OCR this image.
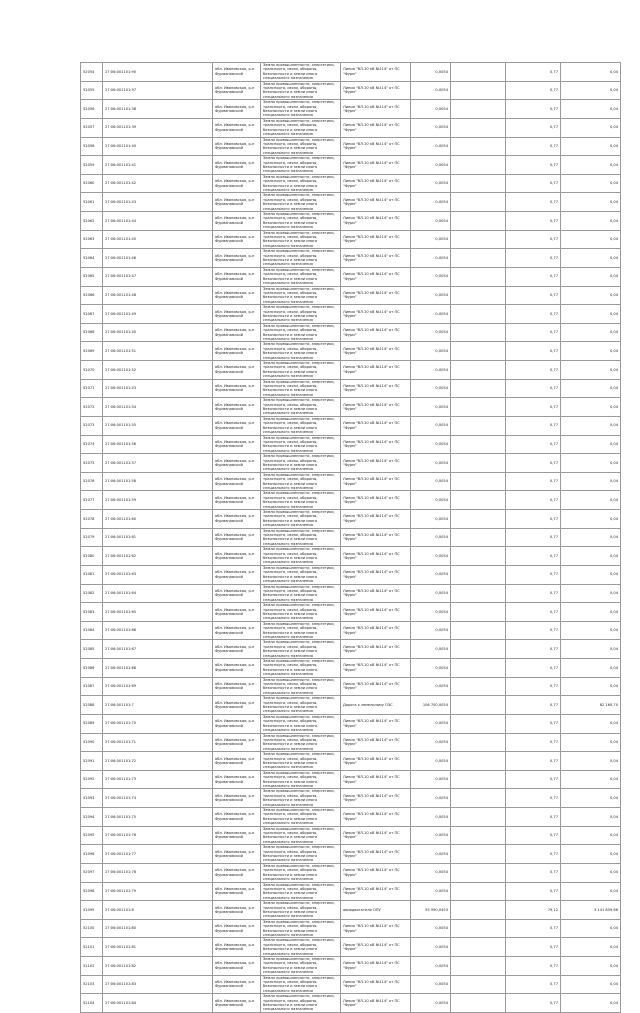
52054	27:06:001101:90	обл. Ивановская, р-н Фурмановский	Земли промышленности, энергетики, транспорта, связи, обороны, безопасности и земли иного специального назначения	Линия "ВЛ-10 кВ №114" от ПС "Фурм"	0,0054		0,77	0,04
52055	27:06:001101:97	обл. Ивановская, р-н Фурмановский	Земли промышленности, энергетики, транспорта, связи, обороны, безопасности и земли иного специального назначения	Линия "ВЛ-10 кВ №114" от ПС "Фурм"	0,0054		0,77	0,04
52056	27:06:001101:38	обл. Ивановская, р-н Фурмановский	Земли промышленности, энергетики, транспорта, связи, обороны, безопасности и земли иного специального назначения	Линия "ВЛ-10 кВ №114" от ПС "Фурм"	0,0054		0,77	0,04
52057	27:06:001101:39	обл. Ивановская, р-н Фурмановский	Земли промышленности, энергетики, транспорта, связи, обороны, безопасности и земли иного специального назначения	Линия "ВЛ-10 кВ №114" от ПС "Фурм"	0,0054		0,77	0,04
52058	27:06:001101:40	обл. Ивановская, р-н Фурмановский	Земли промышленности, энергетики, транспорта, связи, обороны, безопасности и земли иного специального назначения	Линия "ВЛ-10 кВ №114" от ПС "Фурм"	0,0054		0,77	0,04
52059	27:06:001101:41	обл. Ивановская, р-н Фурмановский	Земли промышленности, энергетики, транспорта, связи, обороны, безопасности и земли иного специального назначения	Линия "ВЛ-10 кВ №114" от ПС "Фурм"	0,0054		0,77	0,04
52060	27:06:001101:42	обл. Ивановская, р-н Фурмановский	Земли промышленности, энергетики, транспорта, связи, обороны, безопасности и земли иного специального назначения	Линия "ВЛ-10 кВ №114" от ПС "Фурм"	0,0054		0,77	0,04
52061	27:06:001101:43	обл. Ивановская, р-н Фурмановский	Земли промышленности, энергетики, транспорта, связи, обороны, безопасности и земли иного специального назначения	Линия "ВЛ-10 кВ №114" от ПС "Фурм"	0,0054		0,77	0,04
52062	27:06:001101:44	обл. Ивановская, р-н Фурмановский	Земли промышленности, энергетики, транспорта, связи, обороны, безопасности и земли иного специального назначения	Линия "ВЛ-10 кВ №114" от ПС "Фурм"	0,0054		0,77	0,04
52063	27:06:001101:45	обл. Ивановская, р-н Фурмановский	Земли промышленности, энергетики, транспорта, связи, обороны, безопасности и земли иного специального назначения	Линия "ВЛ-10 кВ №114" от ПС "Фурм"	0,0054		0,77	0,04
52064	27:06:001101:46	обл. Ивановская, р-н Фурмановский	Земли промышленности, энергетики, транспорта, связи, обороны, безопасности и земли иного специального назначения	Линия "ВЛ-10 кВ №114" от ПС "Фурм"	0,0054		0,77	0,04
52065	27:06:001101:47	обл. Ивановская, р-н Фурмановский	Земли промышленности, энергетики, транспорта, связи, обороны, безопасности и земли иного специального назначения	Линия "ВЛ-10 кВ №114" от ПС "Фурм"	0,0054		0,77	0,04
52066	27:06:001101:48	обл. Ивановская, р-н Фурмановский	Земли промышленности, энергетики, транспорта, связи, обороны, безопасности и земли иного специального назначения	Линия "ВЛ-10 кВ №114" от ПС "Фурм"	0,0054		0,77	0,04
52067	27:06:001101:49	обл. Ивановская, р-н Фурмановский	Земли промышленности, энергетики, транспорта, связи, обороны, безопасности и земли иного специального назначения	Линия "ВЛ-10 кВ №114" от ПС "Фурм"	0,0054		0,77	0,04
52068	27:06:001101:50	обл. Ивановская, р-н Фурмановский	Земли промышленности, энергетики, транспорта, связи, обороны, безопасности и земли иного специального назначения	Линия "ВЛ-10 кВ №114" от ПС "Фурм"	0,0054		0,77	0,04
52069	27:06:001101:51	обл. Ивановская, р-н Фурмановский	Земли промышленности, энергетики, транспорта, связи, обороны, безопасности и земли иного специального назначения	Линия "ВЛ-10 кВ №114" от ПС "Фурм"	0,0054		0,77	0,04
52070	27:06:001101:52	обл. Ивановская, р-н Фурмановский	Земли промышленности, энергетики, транспорта, связи, обороны, безопасности и земли иного специального назначения	Линия "ВЛ-10 кВ №114" от ПС "Фурм"	0,0054		0,77	0,04
52071	27:06:001101:53	обл. Ивановская, р-н Фурмановский	Земли промышленности, энергетики, транспорта, связи, обороны, безопасности и земли иного специального назначения	Линия "ВЛ-10 кВ №114" от ПС "Фурм"	0,0054		0,77	0,04
52072	27:06:001101:54	обл. Ивановская, р-н Фурмановский	Земли промышленности, энергетики, транспорта, связи, обороны, безопасности и земли иного специального назначения	Линия "ВЛ-10 кВ №114" от ПС "Фурм"	0,0054		0,77	0,04
52073	27:06:001101:55	обл. Ивановская, р-н Фурмановский	Земли промышленности, энергетики, транспорта, связи, обороны, безопасности и земли иного специального назначения	Линия "ВЛ-10 кВ №114" от ПС "Фурм"	0,0054		0,77	0,04
52074	27:06:001101:56	обл. Ивановская, р-н Фурмановский	Земли промышленности, энергетики, транспорта, связи, обороны, безопасности и земли иного специального назначения	Линия "ВЛ-10 кВ №114" от ПС "Фурм"	0,0054		0,77	0,04
52075	27:06:001101:57	обл. Ивановская, р-н Фурмановский	Земли промышленности, энергетики, транспорта, связи, обороны, безопасности и земли иного специального назначения	Линия "ВЛ-10 кВ №114" от ПС "Фурм"	0,0054		0,77	0,04
52076	27:06:001101:58	обл. Ивановская, р-н Фурмановский	Земли промышленности, энергетики, транспорта, связи, обороны, безопасности и земли иного специального назначения	Линия "ВЛ-10 кВ №114" от ПС "Фурм"	0,0054		0,77	0,04
52077	27:06:001101:59	обл. Ивановская, р-н Фурмановский	Земли промышленности, энергетики, транспорта, связи, обороны, безопасности и земли иного специального назначения	Линия "ВЛ-10 кВ №114" от ПС "Фурм"	0,0054		0,77	0,04
52078	27:06:001101:60	обл. Ивановская, р-н Фурмановский	Земли промышленности, энергетики, транспорта, связи, обороны, безопасности и земли иного специального назначения	Линия "ВЛ-10 кВ №114" от ПС "Фурм"	0,0054		0,77	0,04
52079	27:06:001101:61	обл. Ивановская, р-н Фурмановский	Земли промышленности, энергетики, транспорта, связи, обороны, безопасности и земли иного специального назначения	Линия "ВЛ-10 кВ №114" от ПС "Фурм"	0,0054		0,77	0,04
52080	27:06:001101:62	обл. Ивановская, р-н Фурмановский	Земли промышленности, энергетики, транспорта, связи, обороны, безопасности и земли иного специального назначения	Линия "ВЛ-10 кВ №114" от ПС "Фурм"	0,0054		0,77	0,04
52081	27:06:001101:63	обл. Ивановская, р-н Фурмановский	Земли промышленности, энергетики, транспорта, связи, обороны, безопасности и земли иного специального назначения	Линия "ВЛ-10 кВ №114" от ПС "Фурм"	0,0054		0,77	0,04
52082	27:06:001101:64	обл. Ивановская, р-н Фурмановский	Земли промышленности, энергетики, транспорта, связи, обороны, безопасности и земли иного специального назначения	Линия "ВЛ-10 кВ №114" от ПС "Фурм"	0,0054		0,77	0,04
52083	27:06:001101:65	обл. Ивановская, р-н Фурмановский	Земли промышленности, энергетики, транспорта, связи, обороны, безопасности и земли иного специального назначения	Линия "ВЛ-10 кВ №114" от ПС "Фурм"	0,0054		0,77	0,04
52084	27:06:001101:66	обл. Ивановская, р-н Фурмановский	Земли промышленности, энергетики, транспорта, связи, обороны, безопасности и земли иного специального назначения	Линия "ВЛ-10 кВ №114" от ПС "Фурм"	0,0054		0,77	0,04
52085	27:06:001101:67	обл. Ивановская, р-н Фурмановский	Земли промышленности, энергетики, транспорта, связи, обороны, безопасности и земли иного специального назначения	Линия "ВЛ-10 кВ №114" от ПС "Фурм"	0,0054		0,77	0,04
52086	27:06:001101:68	обл. Ивановская, р-н Фурмановский	Земли промышленности, энергетики, транспорта, связи, обороны, безопасности и земли иного специального назначения	Линия "ВЛ-10 кВ №114" от ПС "Фурм"	0,0054		0,77	0,04
52087	27:06:001101:69	обл. Ивановская, р-н Фурмановский	Земли промышленности, энергетики, транспорта, связи, обороны, безопасности и земли иного специального назначения	Линия "ВЛ-10 кВ №114" от ПС "Фурм"	0,0054		0,77	0,04
52088	27:06:001101:7	обл. Ивановская, р-н Фурмановский	Земли промышленности, энергетики, транспорта, связи, обороны, безопасности и земли иного специального назначения	Дорога к земельному ОЗС	106 700,0054		0,77	82 160,70
52089	27:06:001101:70	обл. Ивановская, р-н Фурмановский	Земли промышленности, энергетики, транспорта, связи, обороны, безопасности и земли иного специального назначения	Линия "ВЛ-10 кВ №114" от ПС "Фурм"	0,0054		0,77	0,04
52090	27:06:001101:71	обл. Ивановская, р-н Фурмановский	Земли промышленности, энергетики, транспорта, связи, обороны, безопасности и земли иного специального назначения	Линия "ВЛ-10 кВ №114" от ПС "Фурм"	0,0054		0,77	0,04
52091	27:06:001101:72	обл. Ивановская, р-н Фурмановский	Земли промышленности, энергетики, транспорта, связи, обороны, безопасности и земли иного специального назначения	Линия "ВЛ-10 кВ №114" от ПС "Фурм"	0,0054		0,77	0,04
52092	27:06:001101:73	обл. Ивановская, р-н Фурмановский	Земли промышленности, энергетики, транспорта, связи, обороны, безопасности и земли иного специального назначения	Линия "ВЛ-10 кВ №114" от ПС "Фурм"	0,0054		0,77	0,04
52093	27:06:001101:74	обл. Ивановская, р-н Фурмановский	Земли промышленности, энергетики, транспорта, связи, обороны, безопасности и земли иного специального назначения	Линия "ВЛ-10 кВ №114" от ПС "Фурм"	0,0054		0,77	0,04
52094	27:06:001101:75	обл. Ивановская, р-н Фурмановский	Земли промышленности, энергетики, транспорта, связи, обороны, безопасности и земли иного специального назначения	Линия "ВЛ-10 кВ №114" от ПС "Фурм"	0,0054		0,77	0,04
52095	27:06:001101:76	обл. Ивановская, р-н Фурмановский	Земли промышленности, энергетики, транспорта, связи, обороны, безопасности и земли иного специального назначения	Линия "ВЛ-10 кВ №114" от ПС "Фурм"	0,0054		0,77	0,04
52096	27:06:001101:77	обл. Ивановская, р-н Фурмановский	Земли промышленности, энергетики, транспорта, связи, обороны, безопасности и земли иного специального назначения	Линия "ВЛ-10 кВ №114" от ПС "Фурм"	0,0054		0,77	0,04
52097	27:06:001101:78	обл. Ивановская, р-н Фурмановский	Земли промышленности, энергетики, транспорта, связи, обороны, безопасности и земли иного специального назначения	Линия "ВЛ-10 кВ №114" от ПС "Фурм"	0,0054		0,77	0,04
52098	27:06:001101:79	обл. Ивановская, р-н Фурмановский	Земли промышленности, энергетики, транспорта, связи, обороны, безопасности и земли иного специального назначения	Линия "ВЛ-10 кВ №114" от ПС "Фурм"	0,0054		0,77	0,04
52099	27:06:001101:8	обл. Ивановская, р-н Фурмановский	Земли промышленности, энергетики, транспорта, связи, обороны, безопасности и земли иного специального назначения	авиадвигатели ОПУ	55 990,0453		79,12	3 141 859,68
52100	27:06:001101:80	обл. Ивановская, р-н Фурмановский	Земли промышленности, энергетики, транспорта, связи, обороны, безопасности и земли иного специального назначения	Линия "ВЛ-10 кВ №114" от ПС "Фурм"	0,0054		0,77	0,04
52101	27:06:001101:81	обл. Ивановская, р-н Фурмановский	Земли промышленности, энергетики, транспорта, связи, обороны, безопасности и земли иного специального назначения	Линия "ВЛ-10 кВ №114" от ПС "Фурм"	0,0054		0,77	0,04
52102	27:06:001101:82	обл. Ивановская, р-н Фурмановский	Земли промышленности, энергетики, транспорта, связи, обороны, безопасности и земли иного специального назначения	Линия "ВЛ-10 кВ №114" от ПС "Фурм"	0,0054		0,77	0,04
52103	27:06:001101:83	обл. Ивановская, р-н Фурмановский	Земли промышленности, энергетики, транспорта, связи, обороны, безопасности и земли иного специального назначения	Линия "ВЛ-10 кВ №114" от ПС "Фурм"	0,0054		0,77	0,04
52104	27:06:001101:84	обл. Ивановская, р-н Фурмановский	Земли промышленности, энергетики, транспорта, связи, обороны, безопасности и земли иного специального назначения	Линия "ВЛ-10 кВ №114" от ПС "Фурм"	0,0054		0,77	0,04
